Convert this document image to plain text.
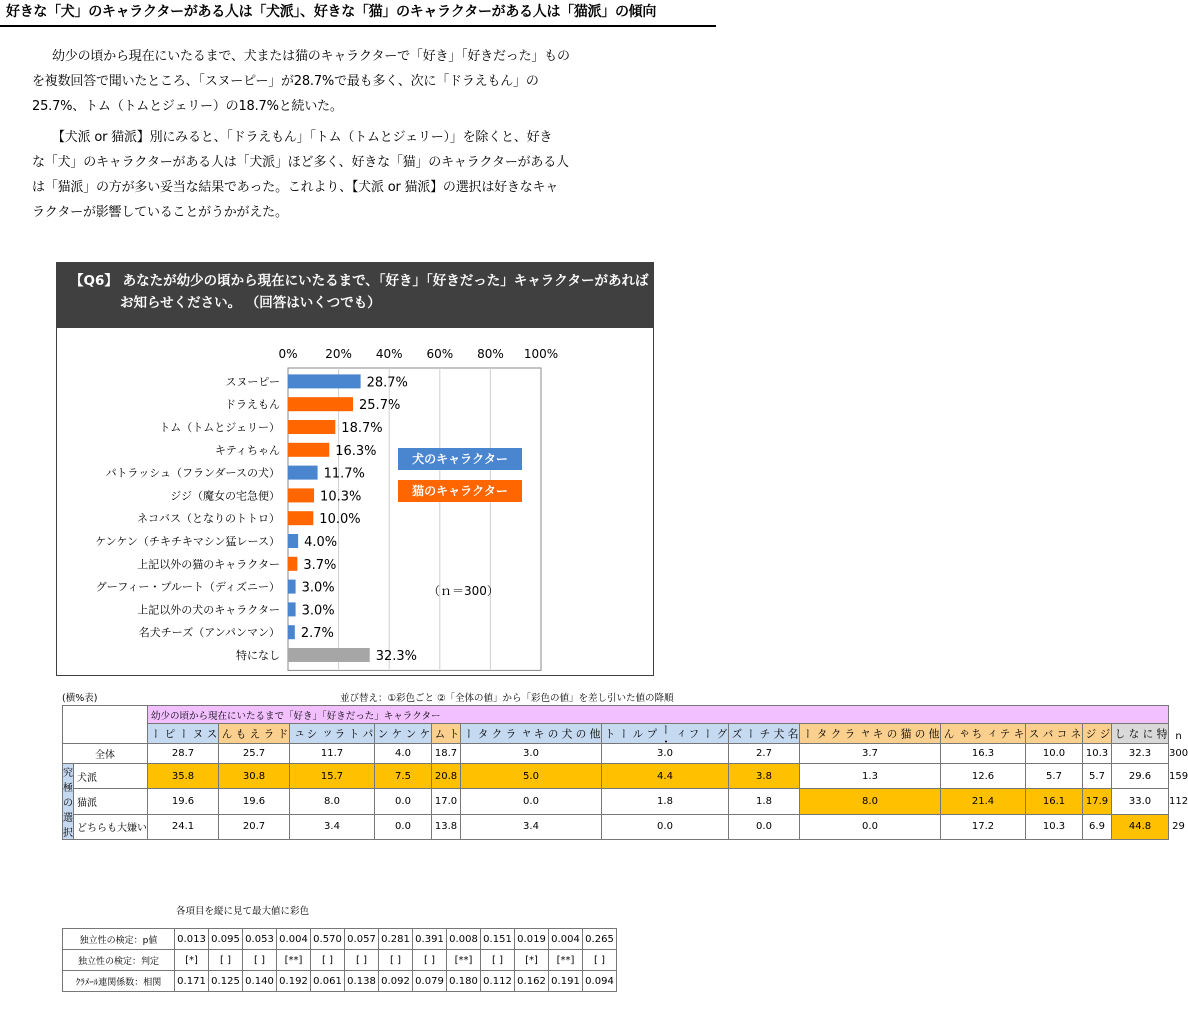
好きな「犬」のキャラクターがある人は「犬派」、好きな「猫」のキャラクターがある人は「猫派」の傾向
幼少の頃から現在にいたるまで、犬または猫のキャラクターで「好き」「好きだった」もの
を複数回答で聞いたところ、「スヌーピー」が28.7%で最も多く、次に「ドラえもん」の
25.7%、トム（トムとジェリー）の18.7%と続いた。
【犬派 or 猫派】別にみると、「ドラえもん」「トム（トムとジェリー）」を除くと、好き
な「犬」のキャラクターがある人は「犬派」ほど多く、好きな「猫」のキャラクターがある人
は「猫派」の方が多い妥当な結果であった。これより、【犬派 or 猫派】の選択は好きなキャ
ラクターが影響していることがうかがえた。
【Q6】 あなたが幼少の頃から現在にいたるまで、「好き」「好きだった」キャラクターがあれば
お知らせください。 （回答はいくつでも）
0% 20% 40% 60% 80% 100%
スヌーピー	28.7%
ドラえもん	25.7%
トム（トムとジェリー）	18.7%
キティちゃん	16.3%
パトラッシュ（フランダースの犬）	11.7%
ジジ（魔女の宅急便）	10.3%
ネコバス（となりのトトロ）	10.0%
ケンケン（チキチキマシン猛レース） 4.0%
上記以外の猫のキャラクター 3.7%
グーフィー・プルート（ディズニー） 3.0%
上記以外の犬のキャラクター 3.0%
名犬チーズ（アンパンマン） 2.7%
特になし	32.3%
犬のキャラクター
猫のキャラクター
（ｎ＝300）
(横%表)	並び替え：①彩色ごと ②「全体の値」から「彩色の値」を差し引いた値の降順
		幼少の頃から現在にいたるまで「好き」「好きだった」キャラクター													n
		スヌーピー	ドラえもん	パトラッシュ	ケンケン	トム	他の犬のキャラクター	グーフィー・プルート	名犬チーズ	他の猫のキャラクター	キティちゃん	ネコバス	ジジ	特になし	
全体		28.7	25.7	11.7	4.0	18.7	3.0	3.0	2.7	3.7	16.3	10.0	10.3	32.3	300
究極の選択	犬派	35.8	30.8	15.7	7.5	20.8	5.0	4.4	3.8	1.3	12.6	5.7	5.7	29.6	159
	猫派	19.6	19.6	8.0	0.0	17.0	0.0	1.8	1.8	8.0	21.4	16.1	17.9	33.0	112
	どちらも大嫌い	24.1	20.7	3.4	0.0	13.8	3.4	0.0	0.0	0.0	17.2	10.3	6.9	44.8	29
各項目を縦に見て最大値に彩色
独立性の検定：p値	0.013	0.095	0.053	0.004	0.570	0.057	0.281	0.391	0.008	0.151	0.019	0.004	0.265
独立性の検定：判定	[*]	[ ]	[ ]	[**]	[ ]	[ ]	[ ]	[ ]	[**]	[ ]	[*]	[**]	[ ]
ｸﾗﾒｰﾙ連関係数：相関	0.171	0.125	0.140	0.192	0.061	0.138	0.092	0.079	0.180	0.112	0.162	0.191	0.094
